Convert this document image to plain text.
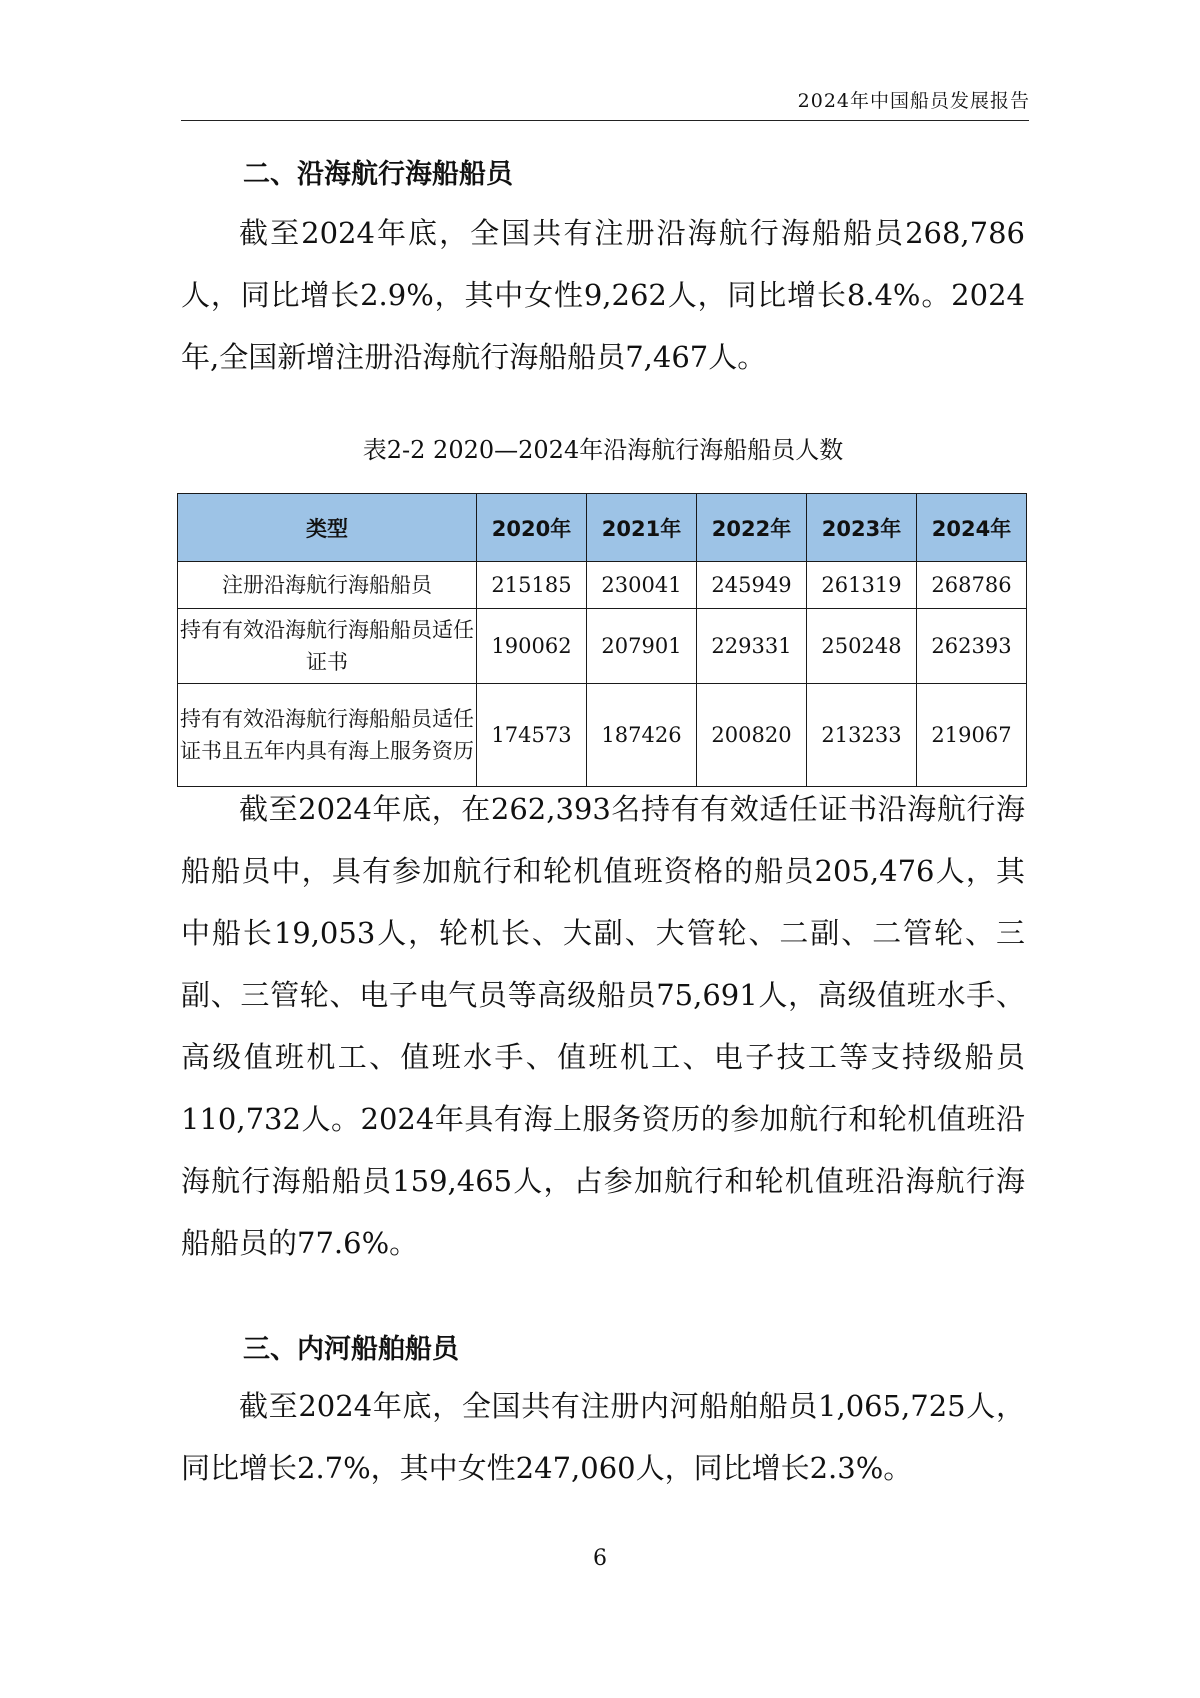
2024年中国船员发展报告
二、沿海航行海船船员

截至2024年底，全国共有注册沿海航行海船船员268,786人，同比增长2.9%，其中女性9,262人，同比增长8.4%。2024年,全国新增注册沿海航行海船船员7,467人。

表2-2 2020—2024年沿海航行海船船员人数
类型	2020年	2021年	2022年	2023年	2024年
注册沿海航行海船船员	215185	230041	245949	261319	268786
持有有效沿海航行海船船员适任证书	190062	207901	229331	250248	262393
持有有效沿海航行海船船员适任证书且五年内具有海上服务资历	174573	187426	200820	213233	219067

截至2024年底，在262,393名持有有效适任证书沿海航行海船船员中，具有参加航行和轮机值班资格的船员205,476人，其中船长19,053人，轮机长、大副、大管轮、二副、二管轮、三副、三管轮、电子电气员等高级船员75,691人，高级值班水手、高级值班机工、值班水手、值班机工、电子技工等支持级船员110,732人。2024年具有海上服务资历的参加航行和轮机值班沿海航行海船船员159,465人，占参加航行和轮机值班沿海航行海船船员的77.6%。

三、内河船舶船员

截至2024年底，全国共有注册内河船舶船员1,065,725人，同比增长2.7%，其中女性247,060人，同比增长2.3%。

6
